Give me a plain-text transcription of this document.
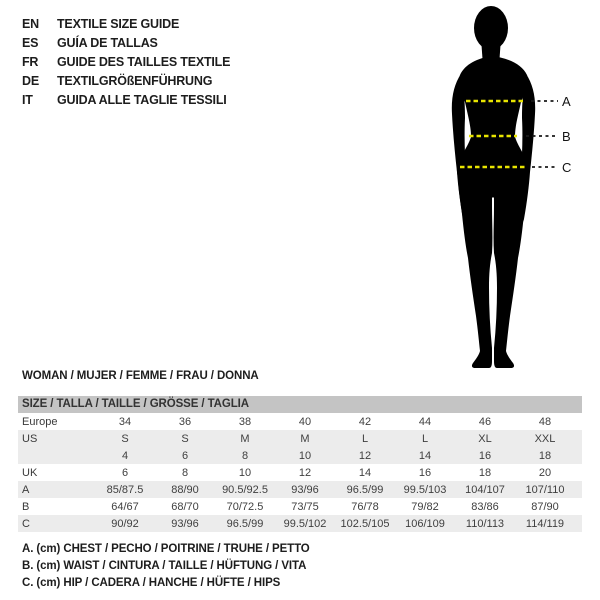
EN	TEXTILE SIZE GUIDE
ES	GUÍA DE TALLAS
FR	GUIDE DES TAILLES TEXTILE
DE	TEXTILGRÖßENFÜHRUNG
IT	GUIDA ALLE TAGLIE TESSILI	A
B
C
WOMAN / MUJER / FEMME / FRAU / DONNA
SIZE / TALLA / TAILLE / GRÖSSE / TAGLIA
Europe	34	36	38	40	42	44	46	48
US	S	S	M	M	L	L	XL	XXL
	4	6	8	10	12	14	16	18
UK	6	8	10	12	14	16	18	20
A	85/87.5	88/90	90.5/92.5	93/96	96.5/99	99.5/103	104/107	107/110
B	64/67	68/70	70/72.5	73/75	76/78	79/82	83/86	87/90
C	90/92	93/96	96.5/99	99.5/102	102.5/105	106/109	110/113	114/119
A. (cm) CHEST / PECHO / POITRINE / TRUHE / PETTO
B. (cm) WAIST / CINTURA / TAILLE / HÜFTUNG / VITA
C. (cm) HIP / CADERA / HANCHE / HÜFTE / HIPS
